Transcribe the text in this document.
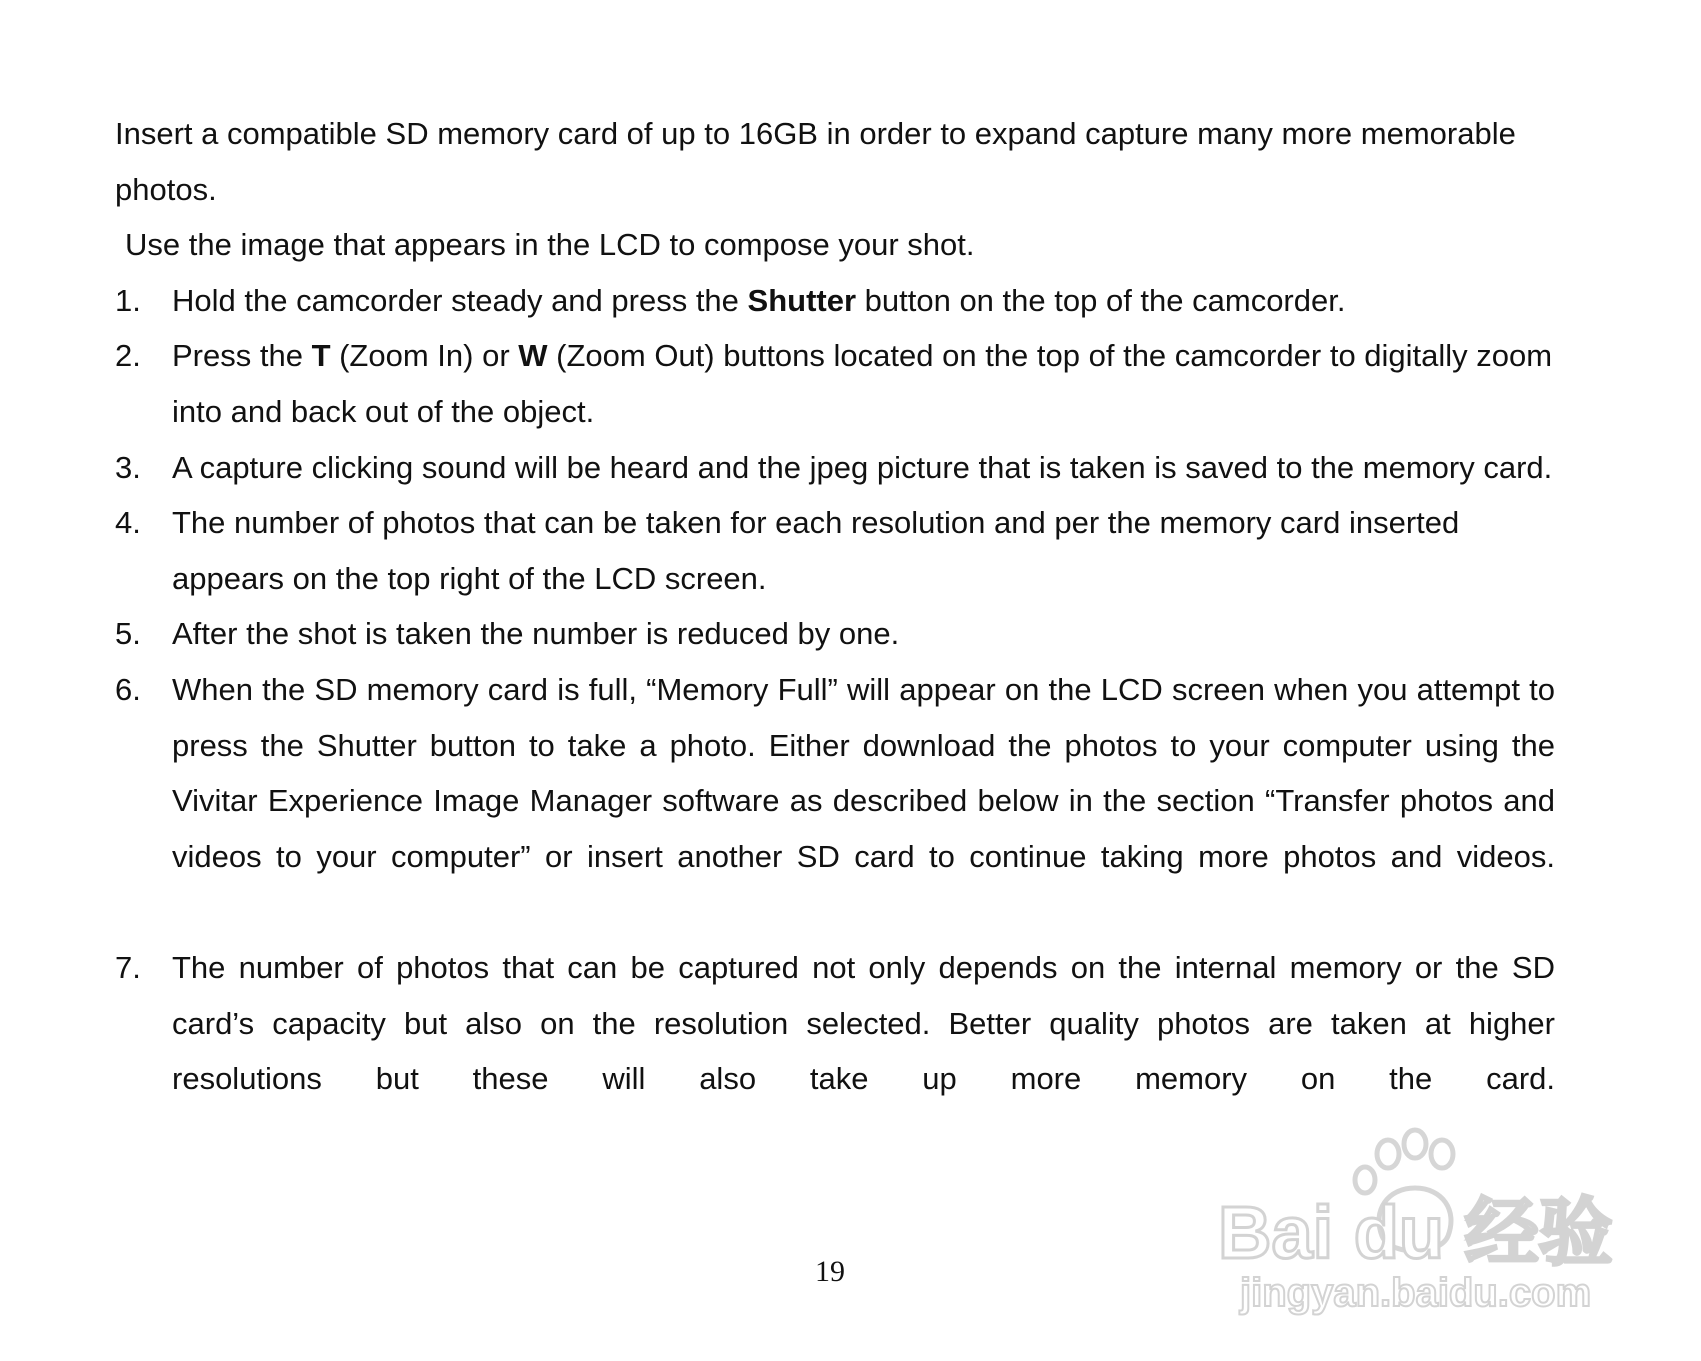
Insert a compatible SD memory card of up to 16GB in order to expand capture many more memorable photos.

Use the image that appears in the LCD to compose your shot.

1. Hold the camcorder steady and press the Shutter button on the top of the camcorder.
2. Press the T (Zoom In) or W (Zoom Out) buttons located on the top of the camcorder to digitally zoom into and back out of the object.
3. A capture clicking sound will be heard and the jpeg picture that is taken is saved to the memory card.
4. The number of photos that can be taken for each resolution and per the memory card inserted appears on the top right of the LCD screen.
5. After the shot is taken the number is reduced by one.
6. When the SD memory card is full, “Memory Full” will appear on the LCD screen when you attempt to press the Shutter button to take a photo. Either download the photos to your computer using the Vivitar Experience Image Manager software as described below in the section “Transfer photos and videos to your computer” or insert another SD card to continue taking more photos and videos.
7. The number of photos that can be captured not only depends on the internal memory or the SD card’s capacity but also on the resolution selected. Better quality photos are taken at higher resolutions but these will also take up more memory on the card.
19	Bai du 经验
jingyan.baidu.com
